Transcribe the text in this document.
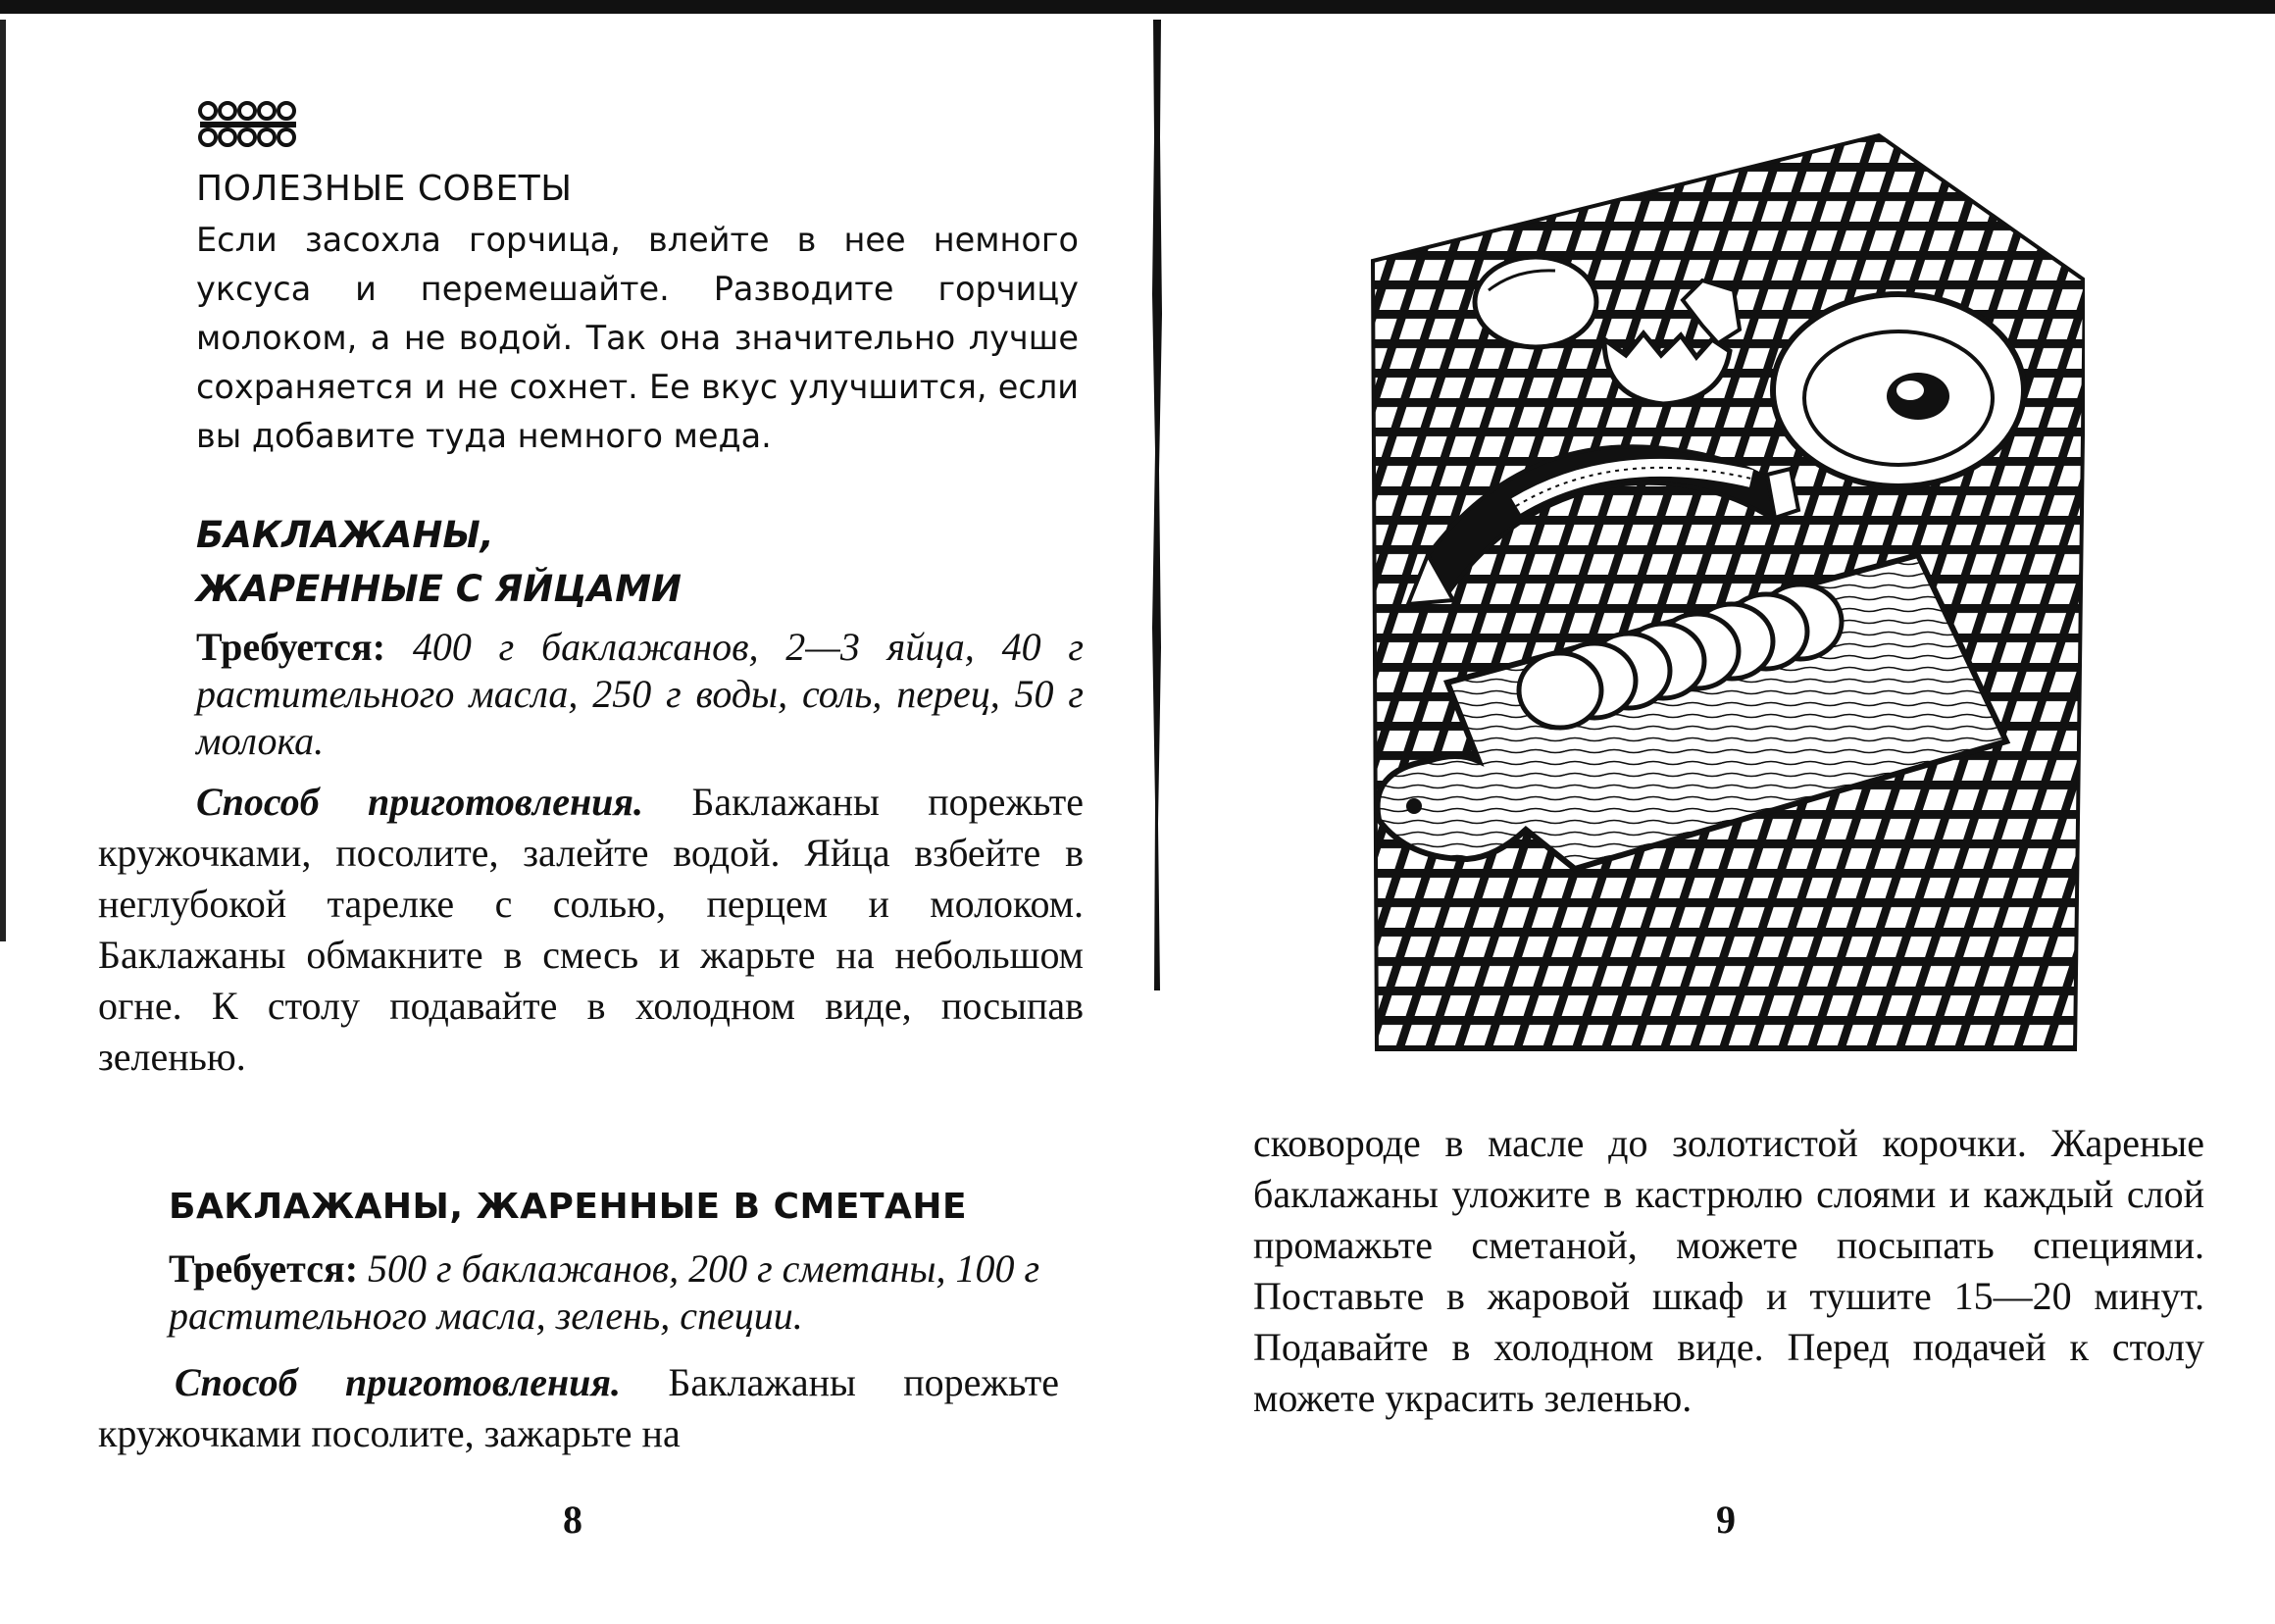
ПОЛЕЗНЫЕ СОВЕТЫ
Если засохла горчица, влейте в нее немного уксуса и перемешайте. Разводите горчицу молоком, а не водой. Так она значительно лучше сохраняется и не сохнет. Ее вкус улучшится, если вы добавите туда немного меда.
БАКЛАЖАНЫ,
ЖАРЕННЫЕ С ЯЙЦАМИ
Требуется: 400 г баклажанов, 2—3 яйца, 40 г растительного масла, 250 г воды, соль, перец, 50 г молока.
Способ приготовления. Баклажаны порежьте кружочками, посолите, залейте водой. Яйца взбейте в неглубокой тарелке с солью, перцем и молоком. Баклажаны обмакните в смесь и жарьте на небольшом огне. К столу подавайте в холодном виде, посыпав зеленью.
БАКЛАЖАНЫ, ЖАРЕННЫЕ В СМЕТАНЕ
Требуется: 500 г баклажанов, 200 г сметаны, 100 г растительного масла, зелень, специи.
Способ приготовления. Баклажаны порежьте кружочками посолите, зажарьте на
8
сковороде в масле до золотистой корочки. Жареные баклажаны уложите в кастрюлю слоями и каждый слой промажьте сметаной, можете посыпать специями. Поставьте в жаровой шкаф и тушите 15—20 минут. Подавайте в холодном виде. Перед подачей к столу можете украсить зеленью.
9
